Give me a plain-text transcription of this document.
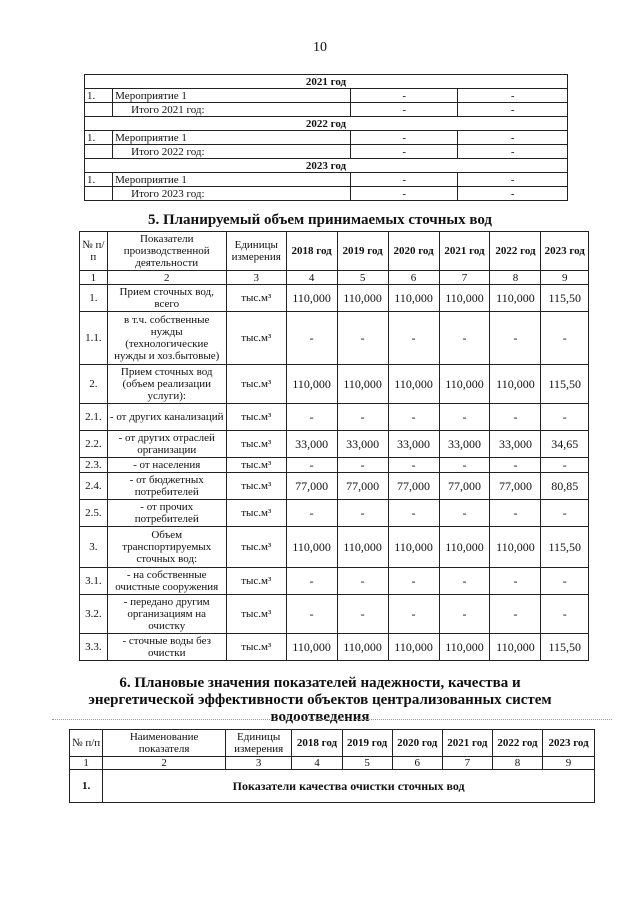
10
2021 год			
1.	Мероприятие 1	-	-
	Итого 2021 год:	-	-
2022 год			
1.	Мероприятие 1	-	-
	Итого 2022 год:	-	-
2023 год			
1.	Мероприятие 1	-	-
	Итого 2023 год:	-	-
5. Планируемый объем принимаемых сточных вод
№ п/п	Показатели производственной деятельности	Единицы измерения	2018 год	2019 год	2020 год	2021 год	2022 год	2023 год
1	2	3	4	5	6	7	8	9
1.	Прием сточных вод, всего	тыс.м³	110,000	110,000	110,000	110,000	110,000	115,50
1.1.	в т.ч. собственные нужды (технологические нужды и хоз.бытовые)	тыс.м³	-	-	-	-	-	-
2.	Прием сточных вод (объем реализации услуги):	тыс.м³	110,000	110,000	110,000	110,000	110,000	115,50
2.1.	- от других канализаций	тыс.м³	-	-	-	-	-	-
2.2.	- от других отраслей организации	тыс.м³	33,000	33,000	33,000	33,000	33,000	34,65
2.3.	- от населения	тыс.м³	-	-	-	-	-	-
2.4.	- от бюджетных потребителей	тыс.м³	77,000	77,000	77,000	77,000	77,000	80,85
2.5.	- от прочих потребителей	тыс.м³	-	-	-	-	-	-
3.	Объем транспортируемых сточных вод:	тыс.м³	110,000	110,000	110,000	110,000	110,000	115,50
3.1.	- на собственные очистные сооружения	тыс.м³	-	-	-	-	-	-
3.2.	- передано другим организациям на очистку	тыс.м³	-	-	-	-	-	-
3.3.	- сточные воды без очистки	тыс.м³	110,000	110,000	110,000	110,000	110,000	115,50
6. Плановые значения показателей надежности, качества и
энергетической эффективности объектов централизованных систем
водоотведения
№ п/п	Наименование показателя	Единицы измерения	2018 год	2019 год	2020 год	2021 год	2022 год	2023 год
1	2	3	4	5	6	7	8	9
1.	Показатели качества очистки сточных вод							
